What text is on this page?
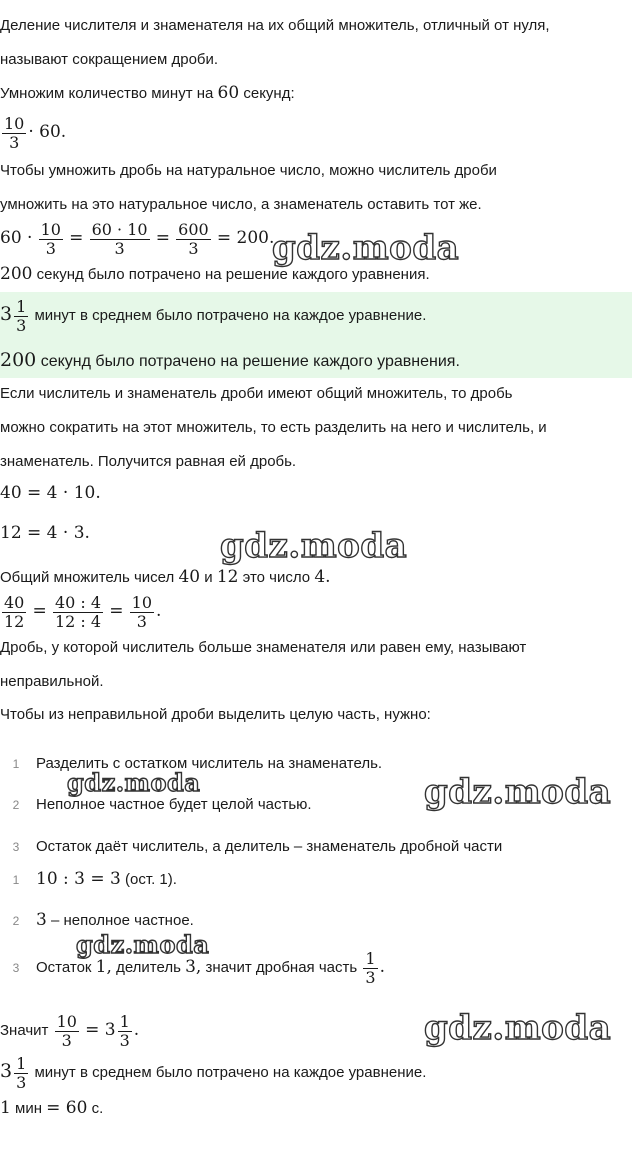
Деление числителя и знаменателя на их общий множитель, отличный от нуля,
называют сокращением дроби.
Умножим количество минут на 60 секунд:
$\frac{10}{3} \cdot 60$.
Чтобы умножить дробь на натуральное число, можно числитель дроби
умножить на это натуральное число, а знаменатель оставить тот же.
$60 \cdot \frac{10}{3} = \frac{60 \cdot 10}{3} = \frac{600}{3} = 200$.
200 секунд было потрачено на решение каждого уравнения.
$3 \frac{1}{3}$ минут в среднем было потрачено на каждое уравнение.
200 секунд было потрачено на решение каждого уравнения.
Если числитель и знаменатель дроби имеют общий множитель, то дробь
можно сократить на этот множитель, то есть разделить на него и числитель, и
знаменатель. Получится равная ей дробь.
40 = 4 · 10.
12 = 4 · 3.
Общий множитель чисел 40 и 12 это число 4.
$\frac{40}{12} = \frac{40 : 4}{12 : 4} = \frac{10}{3}$ .
Дробь, у которой числитель больше знаменателя или равен ему, называют
неправильной.
Чтобы из неправильной дроби выделить целую часть, нужно:
1 Разделить с остатком числитель на знаменатель.
2 Неполное частное будет целой частью.
3 Остаток даёт числитель, а делитель – знаменатель дробной части
1 10 : 3 = 3 (ост. 1).
2 3 – неполное частное.
3 Остаток 1, делитель 3, значит дробная часть $\frac{1}{3}$ .
Значит $\frac{10}{3} = 3 \frac{1}{3}$ .
$3 \frac{1}{3}$ минут в среднем было потрачено на каждое уравнение.
1 мин = 60 с.
gdz.moda
gdz.moda
gdz.moda	gdz.moda
gdz.moda
gdz.moda
